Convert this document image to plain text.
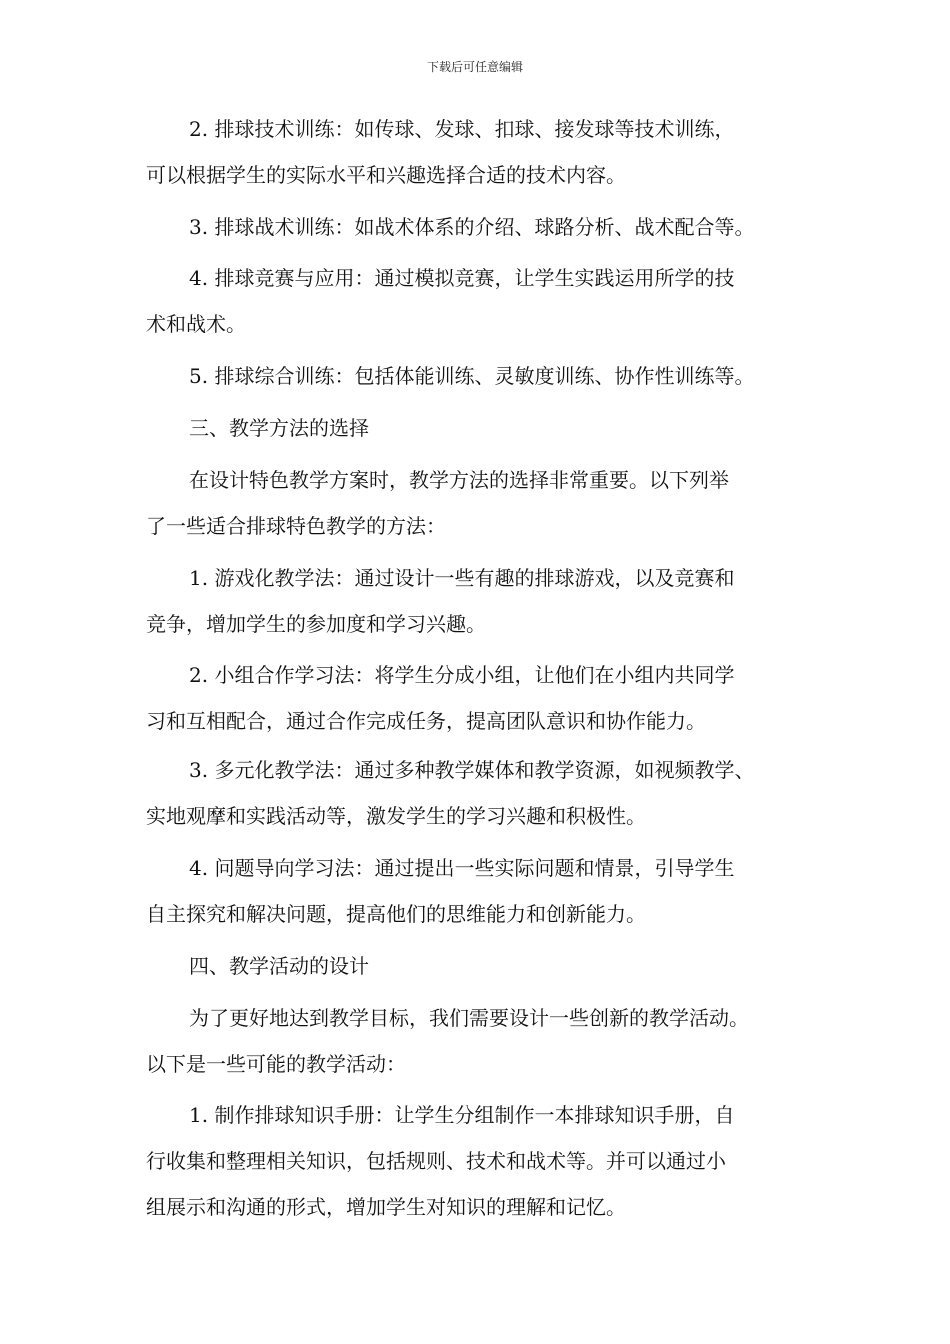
下载后可任意编辑
2. 排球技术训练：如传球、发球、扣球、接发球等技术训练，
可以根据学生的实际水平和兴趣选择合适的技术内容。
3. 排球战术训练：如战术体系的介绍、球路分析、战术配合等。
4. 排球竞赛与应用：通过模拟竞赛，让学生实践运用所学的技
术和战术。
5. 排球综合训练：包括体能训练、灵敏度训练、协作性训练等。
三、教学方法的选择
在设计特色教学方案时，教学方法的选择非常重要。以下列举
了一些适合排球特色教学的方法：
1. 游戏化教学法：通过设计一些有趣的排球游戏，以及竞赛和
竞争，增加学生的参加度和学习兴趣。
2. 小组合作学习法：将学生分成小组，让他们在小组内共同学
习和互相配合，通过合作完成任务，提高团队意识和协作能力。
3. 多元化教学法：通过多种教学媒体和教学资源，如视频教学、
实地观摩和实践活动等，激发学生的学习兴趣和积极性。
4. 问题导向学习法：通过提出一些实际问题和情景，引导学生
自主探究和解决问题，提高他们的思维能力和创新能力。
四、教学活动的设计
为了更好地达到教学目标，我们需要设计一些创新的教学活动。
以下是一些可能的教学活动：
1. 制作排球知识手册：让学生分组制作一本排球知识手册，自
行收集和整理相关知识，包括规则、技术和战术等。并可以通过小
组展示和沟通的形式，增加学生对知识的理解和记忆。
